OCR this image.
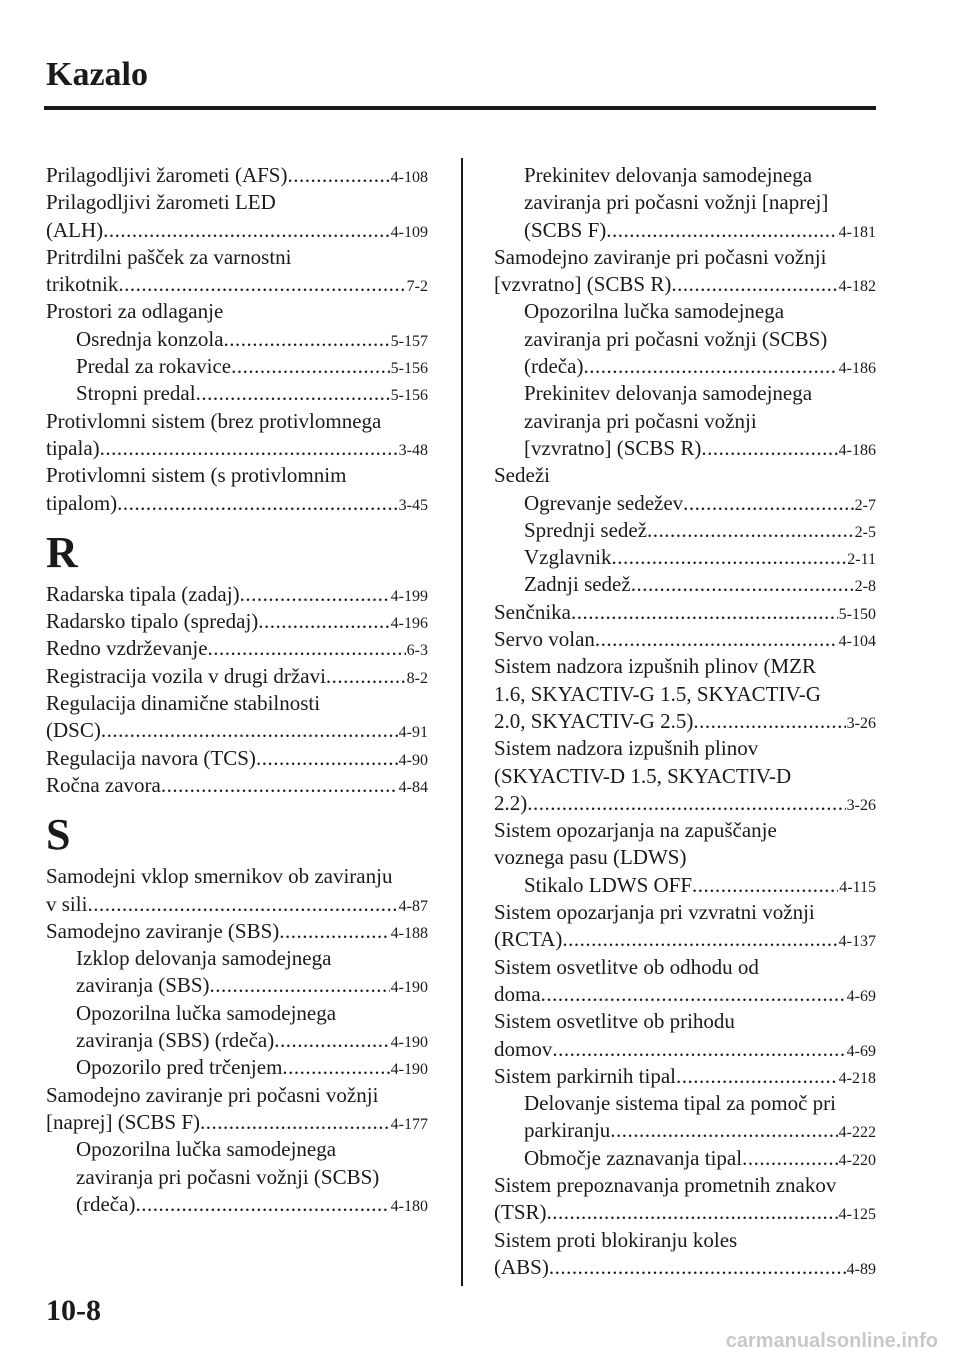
Kazalo
Prilagodljivi žarometi (AFS) .....	4-108
Prilagodljivi žarometi LED
(ALH) .....	4-109
Pritrdilni pašček za varnostni
trikotnik .....	7-2
Prostori za odlaganje
Osrednja konzola .....	5-157
Predal za rokavice .....	5-156
Stropni predal .....	5-156
Protivlomni sistem (brez protivlomnega
tipala) .....	3-48
Protivlomni sistem (s protivlomnim
tipalom) .....	3-45
R
Radarska tipala (zadaj) .....	4-199
Radarsko tipalo (spredaj) .....	4-196
Redno vzdrževanje .....	6-3
Registracija vozila v drugi državi .....	8-2
Regulacija dinamične stabilnosti
(DSC) .....	4-91
Regulacija navora (TCS) .....	4-90
Ročna zavora .....	4-84
S
Samodejni vklop smernikov ob zaviranju
v sili .....	4-87
Samodejno zaviranje (SBS) .....	4-188
Izklop delovanja samodejnega
zaviranja (SBS) .....	4-190
Opozorilna lučka samodejnega
zaviranja (SBS) (rdeča) .....	4-190
Opozorilo pred trčenjem .....	4-190
Samodejno zaviranje pri počasni vožnji
[naprej] (SCBS F) .....	4-177
Opozorilna lučka samodejnega
zaviranja pri počasni vožnji (SCBS)
(rdeča) .....	4-180
Prekinitev delovanja samodejnega
zaviranja pri počasni vožnji [naprej]
(SCBS F) .....	4-181
Samodejno zaviranje pri počasni vožnji
[vzvratno] (SCBS R) .....	4-182
Opozorilna lučka samodejnega
zaviranja pri počasni vožnji (SCBS)
(rdeča) .....	4-186
Prekinitev delovanja samodejnega
zaviranja pri počasni vožnji
[vzvratno] (SCBS R) .....	4-186
Sedeži
Ogrevanje sedežev .....	2-7
Sprednji sedež .....	2-5
Vzglavnik .....	2-11
Zadnji sedež .....	2-8
Senčnika .....	5-150
Servo volan .....	4-104
Sistem nadzora izpušnih plinov (MZR
1.6, SKYACTIV-G 1.5, SKYACTIV-G
2.0, SKYACTIV-G 2.5) .....	3-26
Sistem nadzora izpušnih plinov
(SKYACTIV-D 1.5, SKYACTIV-D
2.2) .....	3-26
Sistem opozarjanja na zapuščanje
voznega pasu (LDWS)
Stikalo LDWS OFF .....	4-115
Sistem opozarjanja pri vzvratni vožnji
(RCTA) .....	4-137
Sistem osvetlitve ob odhodu od
doma .....	4-69
Sistem osvetlitve ob prihodu
domov .....	4-69
Sistem parkirnih tipal .....	4-218
Delovanje sistema tipal za pomoč pri
parkiranju .....	4-222
Območje zaznavanja tipal .....	4-220
Sistem prepoznavanja prometnih znakov
(TSR) .....	4-125
Sistem proti blokiranju koles
(ABS) .....	4-89
10-8
carmanualsonline.info
